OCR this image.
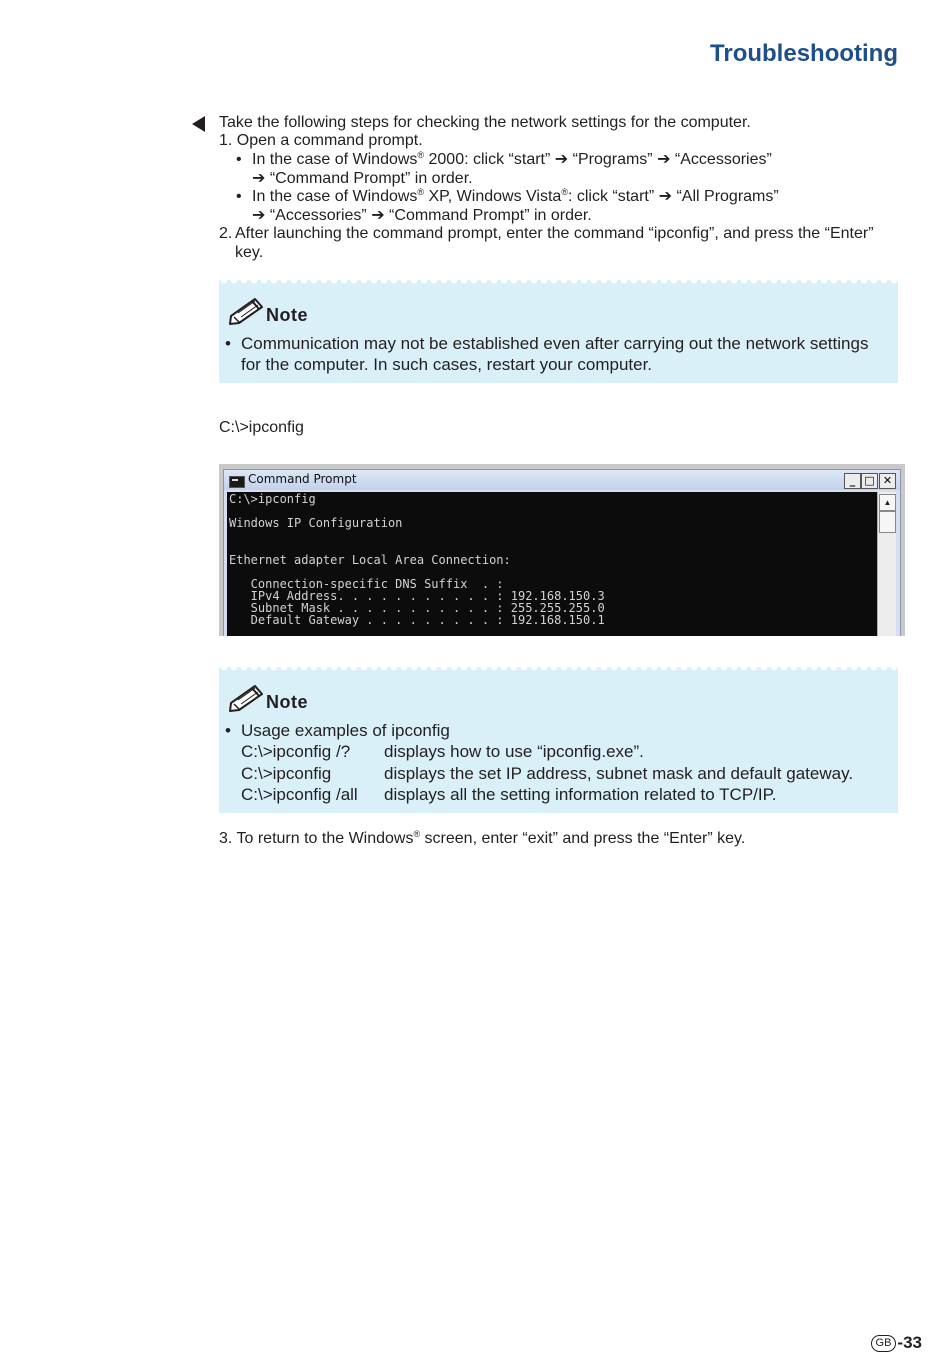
Troubleshooting
Take the following steps for checking the network settings for the computer.
1. Open a command prompt.
• In the case of Windows® 2000: click “start” ➔ “Programs” ➔ “Accessories”
➔ “Command Prompt” in order.
• In the case of Windows® XP, Windows Vista®: click “start” ➔ “All Programs”
➔ “Accessories” ➔ “Command Prompt” in order.
2. After launching the command prompt, enter the command “ipconfig”, and press the “Enter” key.
Note
• Communication may not be established even after carrying out the network settings
for the computer. In such cases, restart your computer.
C:\>ipconfig
Command Prompt	_ □ ✕

C:\>ipconfig

Windows IP Configuration

Ethernet adapter Local Area Connection:

Connection-specific DNS Suffix  . :

IPv4 Address. . . . . . . . . . . : 192.168.150.3

Subnet Mask . . . . . . . . . . . : 255.255.255.0

Default Gateway . . . . . . . . . : 192.168.150.1

▲
Note
• Usage examples of ipconfig
C:\>ipconfig /? displays how to use “ipconfig.exe”.
C:\>ipconfig	displays the set IP address, subnet mask and default gateway.
C:\>ipconfig /all displays all the setting information related to TCP/IP.
3. To return to the Windows® screen, enter “exit” and press the “Enter” key.
GB -33
